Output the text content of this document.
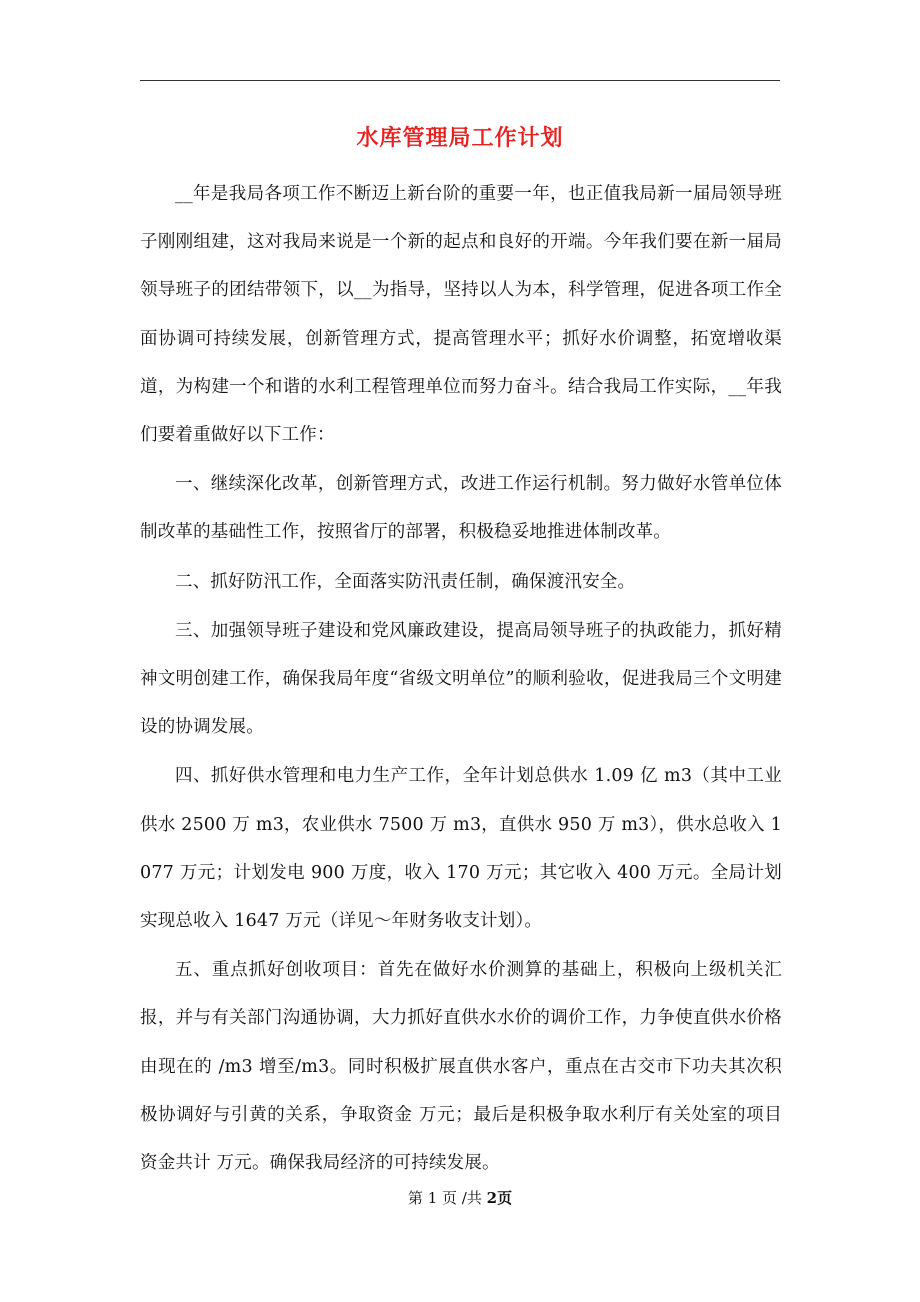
水库管理局工作计划

__年是我局各项工作不断迈上新台阶的重要一年，也正值我局新一届局领导班子刚刚组建，这对我局来说是一个新的起点和良好的开端。今年我们要在新一届局领导班子的团结带领下，以__为指导，坚持以人为本，科学管理，促进各项工作全面协调可持续发展，创新管理方式，提高管理水平；抓好水价调整，拓宽增收渠道，为构建一个和谐的水利工程管理单位而努力奋斗。结合我局工作实际，__年我们要着重做好以下工作：

一、继续深化改革，创新管理方式，改进工作运行机制。努力做好水管单位体制改革的基础性工作，按照省厅的部署，积极稳妥地推进体制改革。

二、抓好防汛工作，全面落实防汛责任制，确保渡汛安全。

三、加强领导班子建设和党风廉政建设，提高局领导班子的执政能力，抓好精神文明创建工作，确保我局年度“省级文明单位”的顺利验收，促进我局三个文明建设的协调发展。

四、抓好供水管理和电力生产工作，全年计划总供水 1.09 亿 m3（其中工业供水 2500 万 m3，农业供水 7500 万 m3，直供水 950 万 m3），供水总收入 1077 万元；计划发电 900 万度，收入 170 万元；其它收入 400 万元。全局计划实现总收入 1647 万元（详见～年财务收支计划）。

五、重点抓好创收项目：首先在做好水价测算的基础上，积极向上级机关汇报，并与有关部门沟通协调，大力抓好直供水水价的调价工作，力争使直供水价格由现在的 /m3 增至/m3。同时积极扩展直供水客户，重点在古交市下功夫其次积极协调好与引黄的关系，争取资金 万元；最后是积极争取水利厅有关处室的项目资金共计 万元。确保我局经济的可持续发展。

第 1 页 /共 2页
